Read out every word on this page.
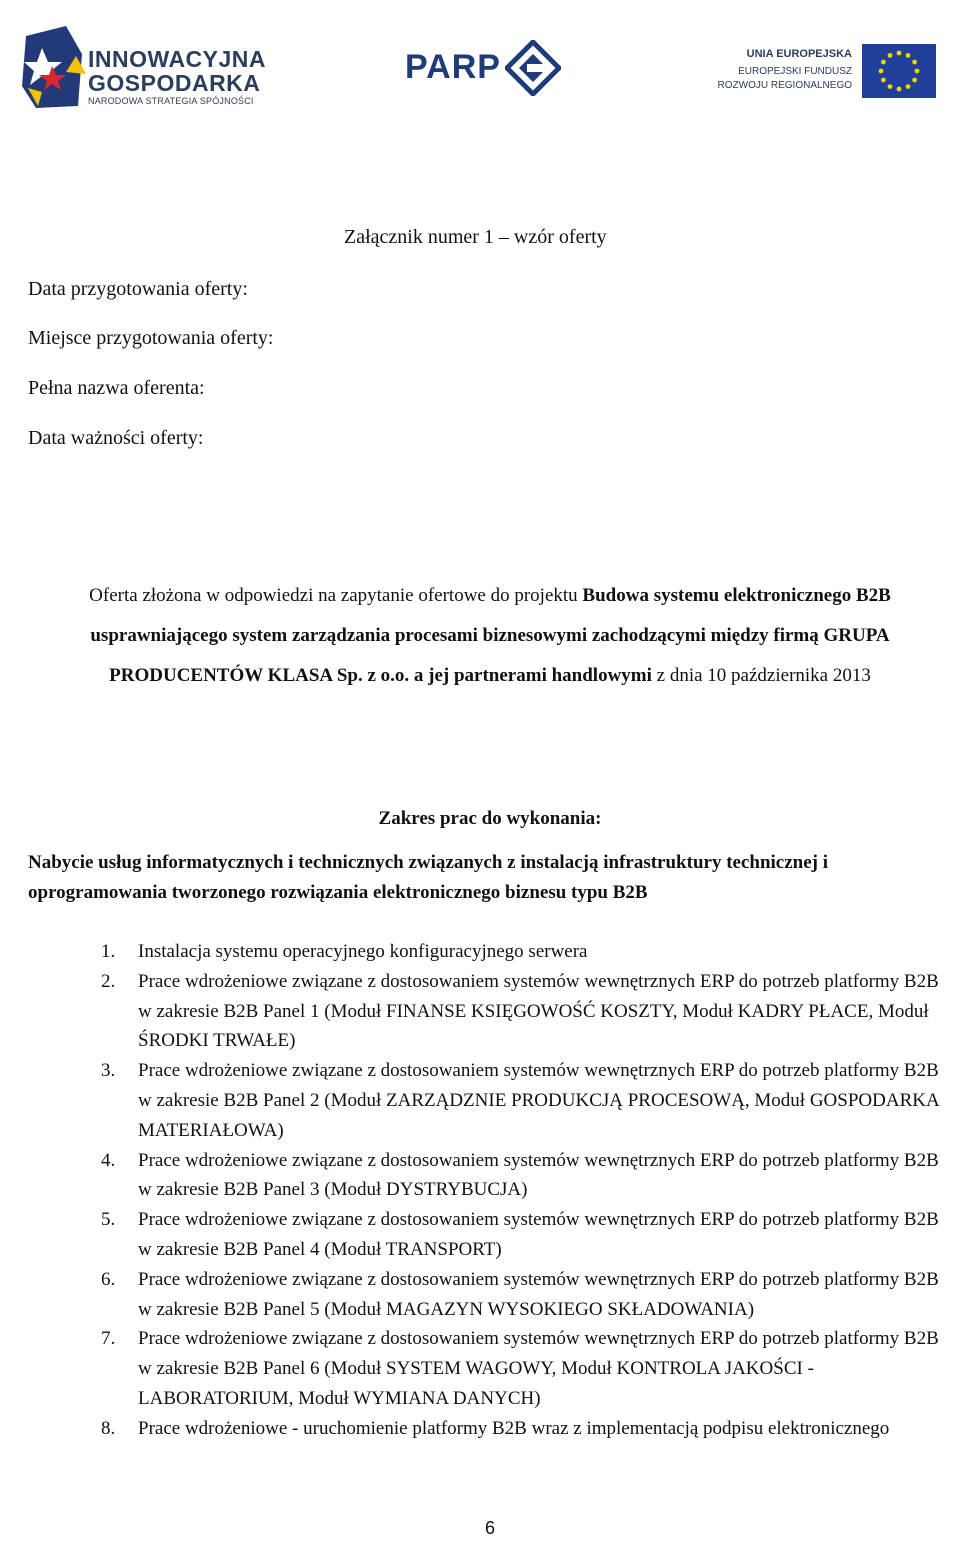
INNOWACYJNA
GOSPODARKA
NARODOWA STRATEGIA SPÓJNOŚCI
PARP	UNIA EUROPEJSKA
EUROPEJSKI FUNDUSZ
ROZWOJU REGIONALNEGO
Załącznik numer 1 – wzór oferty
Data przygotowania oferty:
Miejsce przygotowania oferty:
Pełna nazwa oferenta:
Data ważności oferty:
Oferta złożona w odpowiedzi na zapytanie ofertowe do projektu Budowa systemu elektronicznego B2B usprawniającego system zarządzania procesami biznesowymi zachodzącymi między firmą GRUPA PRODUCENTÓW KLASA Sp. z o.o. a jej partnerami handlowymi z dnia 10 października 2013
Zakres prac do wykonania:
Nabycie usług informatycznych i technicznych związanych z instalacją infrastruktury technicznej i oprogramowania tworzonego rozwiązania elektronicznego biznesu typu B2B
1. Instalacja systemu operacyjnego konfiguracyjnego serwera
2. Prace wdrożeniowe związane z dostosowaniem systemów wewnętrznych ERP do potrzeb platformy B2B w zakresie B2B Panel 1 (Moduł FINANSE KSIĘGOWOŚĆ KOSZTY, Moduł KADRY PŁACE, Moduł ŚRODKI TRWAŁE)
3. Prace wdrożeniowe związane z dostosowaniem systemów wewnętrznych ERP do potrzeb platformy B2B w zakresie B2B Panel 2 (Moduł ZARZĄDZNIE PRODUKCJĄ PROCESOWĄ, Moduł GOSPODARKA MATERIAŁOWA)
4. Prace wdrożeniowe związane z dostosowaniem systemów wewnętrznych ERP do potrzeb platformy B2B w zakresie B2B Panel 3 (Moduł DYSTRYBUCJA)
5. Prace wdrożeniowe związane z dostosowaniem systemów wewnętrznych ERP do potrzeb platformy B2B w zakresie B2B Panel 4 (Moduł TRANSPORT)
6. Prace wdrożeniowe związane z dostosowaniem systemów wewnętrznych ERP do potrzeb platformy B2B w zakresie B2B Panel 5 (Moduł MAGAZYN WYSOKIEGO SKŁADOWANIA)
7. Prace wdrożeniowe związane z dostosowaniem systemów wewnętrznych ERP do potrzeb platformy B2B w zakresie B2B Panel 6 (Moduł SYSTEM WAGOWY, Moduł KONTROLA JAKOŚCI - LABORATORIUM, Moduł WYMIANA DANYCH)
8. Prace wdrożeniowe - uruchomienie platformy B2B wraz z implementacją podpisu elektronicznego
6
